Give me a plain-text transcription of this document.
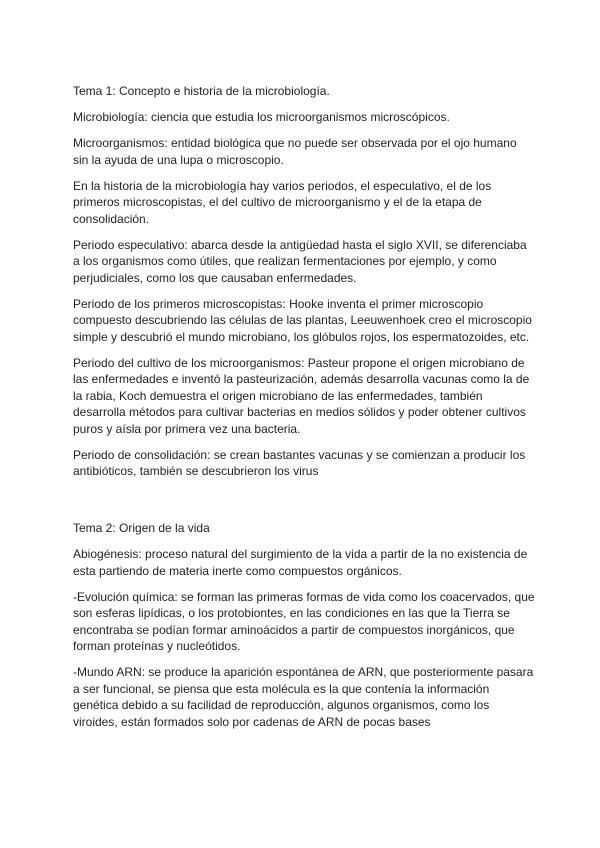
Tema 1: Concepto e historia de la microbiología.

Microbiología: ciencia que estudia los microorganismos microscópicos.

Microorganismos: entidad biológica que no puede ser observada por el ojo humano sin la ayuda de una lupa o microscopio.

En la historia de la microbiología hay varios periodos, el especulativo, el de los primeros microscopistas, el del cultivo de microorganismo y el de la etapa de consolidación.

Periodo especulativo: abarca desde la antigüedad hasta el siglo XVII, se diferenciaba a los organismos como útiles, que realizan fermentaciones por ejemplo, y como perjudiciales, como los que causaban enfermedades.

Periodo de los primeros microscopistas: Hooke inventa el primer microscopio compuesto descubriendo las células de las plantas, Leeuwenhoek creo el microscopio simple y descubrió el mundo microbiano, los glóbulos rojos, los espermatozoides, etc.

Periodo del cultivo de los microorganismos: Pasteur propone el origen microbiano de las enfermedades e inventó la pasteurización, además desarrolla vacunas como la de la rabia, Koch demuestra el origen microbiano de las enfermedades, también desarrolla métodos para cultivar bacterias en medios sólidos y poder obtener cultivos puros y aísla por primera vez una bacteria.

Periodo de consolidación: se crean bastantes vacunas y se comienzan a producir los antibióticos, también se descubrieron los virus

Tema 2: Origen de la vida

Abiogénesis: proceso natural del surgimiento de la vida a partir de la no existencia de esta partiendo de materia inerte como compuestos orgánicos.

-Evolución química: se forman las primeras formas de vida como los coacervados, que son esferas lipídicas, o los protobiontes, en las condiciones en las que la Tierra se encontraba se podían formar aminoácidos a partir de compuestos inorgánicos, que forman proteínas y nucleótidos.

-Mundo ARN: se produce la aparición espontánea de ARN, que posteriormente pasara a ser funcional, se piensa que esta molécula es la que contenía la información genética debido a su facilidad de reproducción, algunos organismos, como los viroides, están formados solo por cadenas de ARN de pocas bases
